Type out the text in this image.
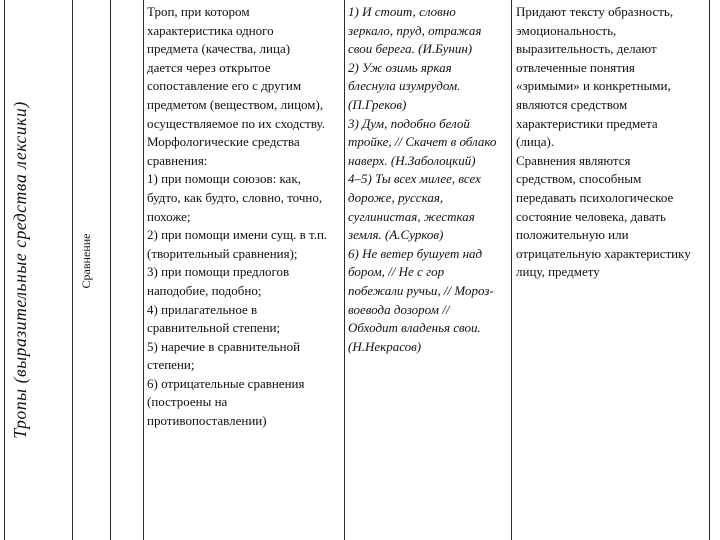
Тропы (выразительные средства лексики)	Сравнение
Троп, при котором
характеристика одного
предмета (качества, лица)
дается через открытое
сопоставление его с другим
предметом (веществом, лицом),
осуществляемое по их сходству.
Морфологические средства
сравнения:
1) при помощи союзов: как,
будто, как будто, словно, точно,
похоже;
2) при помощи имени сущ. в т.п.
(творительный сравнения);
3) при помощи предлогов
наподобие, подобно;
4) прилагательное в
сравнительной степени;
5) наречие в сравнительной
степени;
6) отрицательные сравнения
(построены на
противопоставлении)
1) И стоит, словно
зеркало, пруд, отражая
свои берега. (И.Бунин)
2) Уж озимь яркая
блеснула изумрудом.
(П.Греков)
3) Дум, подобно белой
тройке, // Скачет в облако
наверх. (Н.Заболоцкий)
4–5) Ты всех милее, всех
дороже, русская,
суглинистая, жесткая
земля. (А.Сурков)
6) Не ветер бушует над
бором, // Не с гор
побежали ручьи, // Мороз-
воевода дозором //
Обходит владенья свои.
(Н.Некрасов)
Придают тексту образность,
эмоциональность,
выразительность, делают
отвлеченные понятия
«зримыми» и конкретными,
являются средством
характеристики предмета
(лица).
Сравнения являются
средством, способным
передавать психологическое
состояние человека, давать
положительную или
отрицательную характеристику
лицу, предмету
